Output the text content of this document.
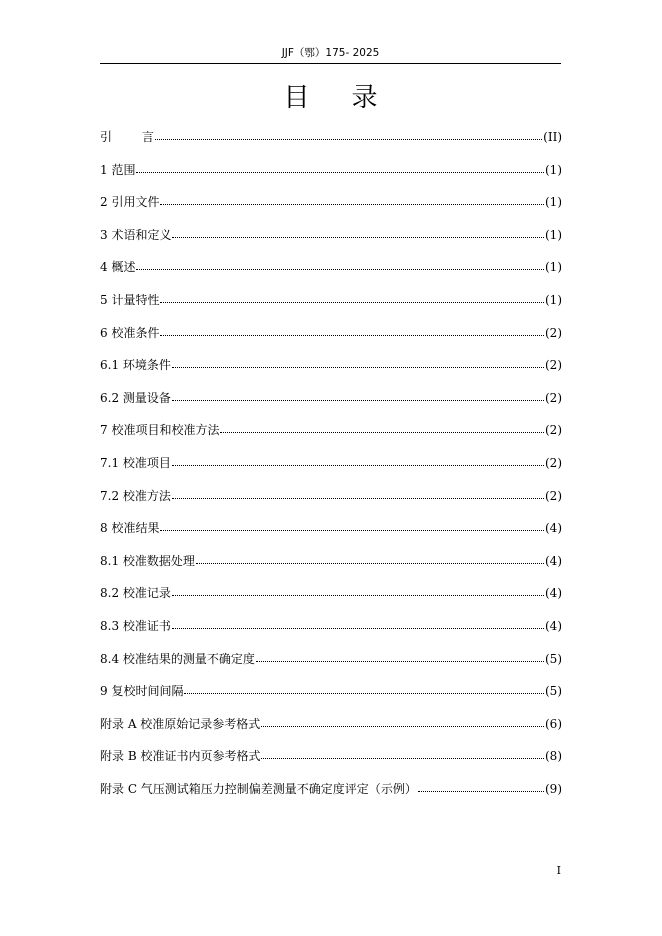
JJF（鄂）175- 2025
目录
引 言	(II)
1 范围	(1)
2 引用文件	(1)
3 术语和定义	(1)
4 概述	(1)
5 计量特性	(1)
6 校准条件	(2)
6.1 环境条件	(2)
6.2 测量设备	(2)
7 校准项目和校准方法	(2)
7.1 校准项目	(2)
7.2 校准方法	(2)
8 校准结果	(4)
8.1 校准数据处理	(4)
8.2 校准记录	(4)
8.3 校准证书	(4)
8.4 校准结果的测量不确定度	(5)
9 复校时间间隔	(5)
附录 A 校准原始记录参考格式	(6)
附录 B 校准证书内页参考格式	(8)
附录 C 气压测试箱压力控制偏差测量不确定度评定（示例）	(9)
I
